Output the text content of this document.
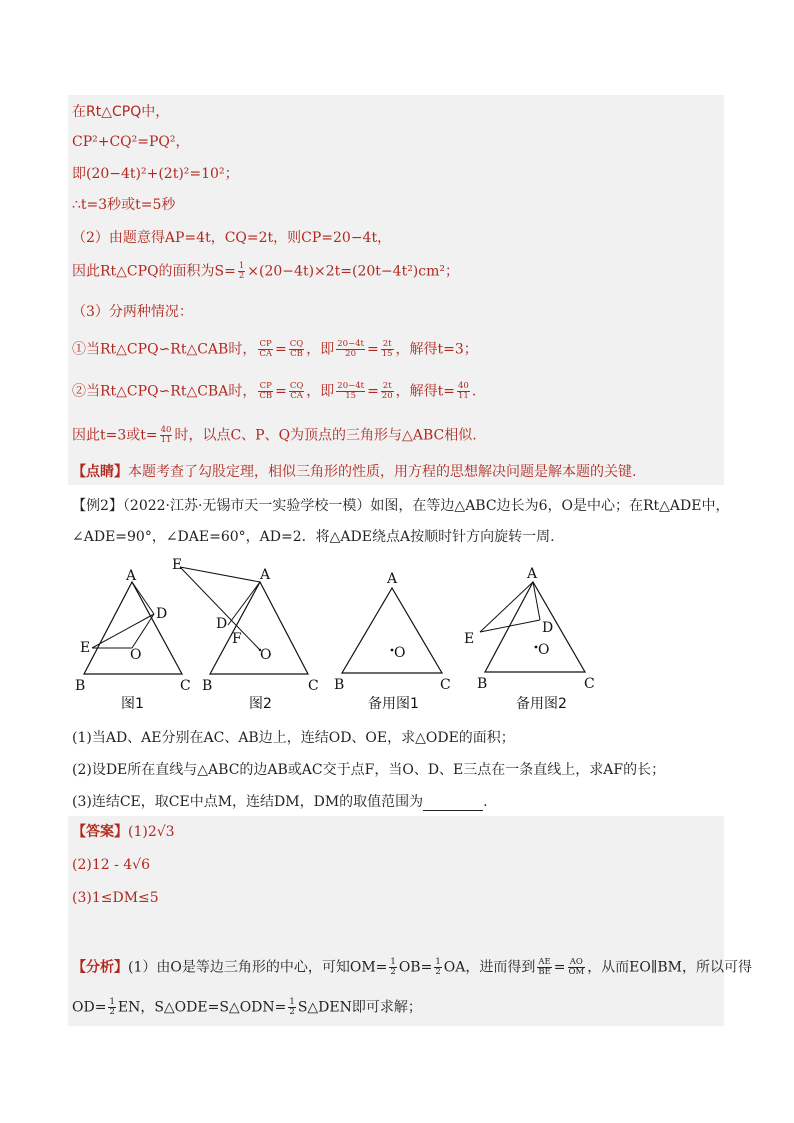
在Rt△CPQ中，
CP²+CQ²=PQ²，
即(20−4t)²+(2t)²=10²；
∴t=3秒或t=5秒
（2）由题意得AP=4t，CQ=2t，则CP=20−4t，
因此Rt△CPQ的面积为$S= \frac{1}{2} \times(20-4t)\times 2t=(20t-4t^2)cm^2$；
（3）分两种情况：
①当Rt△CPQ∽Rt△CAB时， $\frac{CP}{CA} = \frac{CQ}{CB}$ ，即 $\frac{20-4t}{20} = \frac{2t}{15}$ ，解得t=3；
②当Rt△CPQ∽Rt△CBA时， $\frac{CP}{CB} = \frac{CQ}{CA}$ ，即 $\frac{20-4t}{15} = \frac{2t}{20}$ ，解得$t= \frac{40}{11}$ .
因此t=3或$t= \frac{40}{11}$ 时，以点C、P、Q为顶点的三角形与△ABC相似.
【点睛】本题考查了勾股定理，相似三角形的性质，用方程的思想解决问题是解本题的关键.
【例2】（2022·江苏·无锡市天一实验学校一模）如图，在等边△ABC边长为6，O是中心；在Rt△ADE中，
∠ADE=90°，∠DAE=60°，AD=2．将△ADE绕点A按顺时针方向旋转一周.
A
D
E	O
B	C
图1
E
A
D
F
O
B	C
图2
A
O
B	C
备用图1
A
D
E
O
B	C
备用图2
(1)当AD、AE分别在AC、AB边上，连结OD、OE，求△ODE的面积；
(2)设DE所在直线与△ABC的边AB或AC交于点F，当O、D、E三点在一条直线上，求AF的长；
(3)连结CE，取CE中点M，连结DM，DM的取值范围为	.
【答案】(1)2√3
(2)12 - 4√6
(3)1≤DM≤5
【分析】(1）由O是等边三角形的中心，可知$OM= \frac{1}{2} OB= \frac{1}{2}$ OA，进而得到 $\frac{AE}{BE} = \frac{AO}{OM}$ ，从而EO∥BM，所以可得
$OD= \frac{1}{2}$ EN，S△ODE=S△ODN= $\frac{1}{2}$ S△DEN即可求解；
